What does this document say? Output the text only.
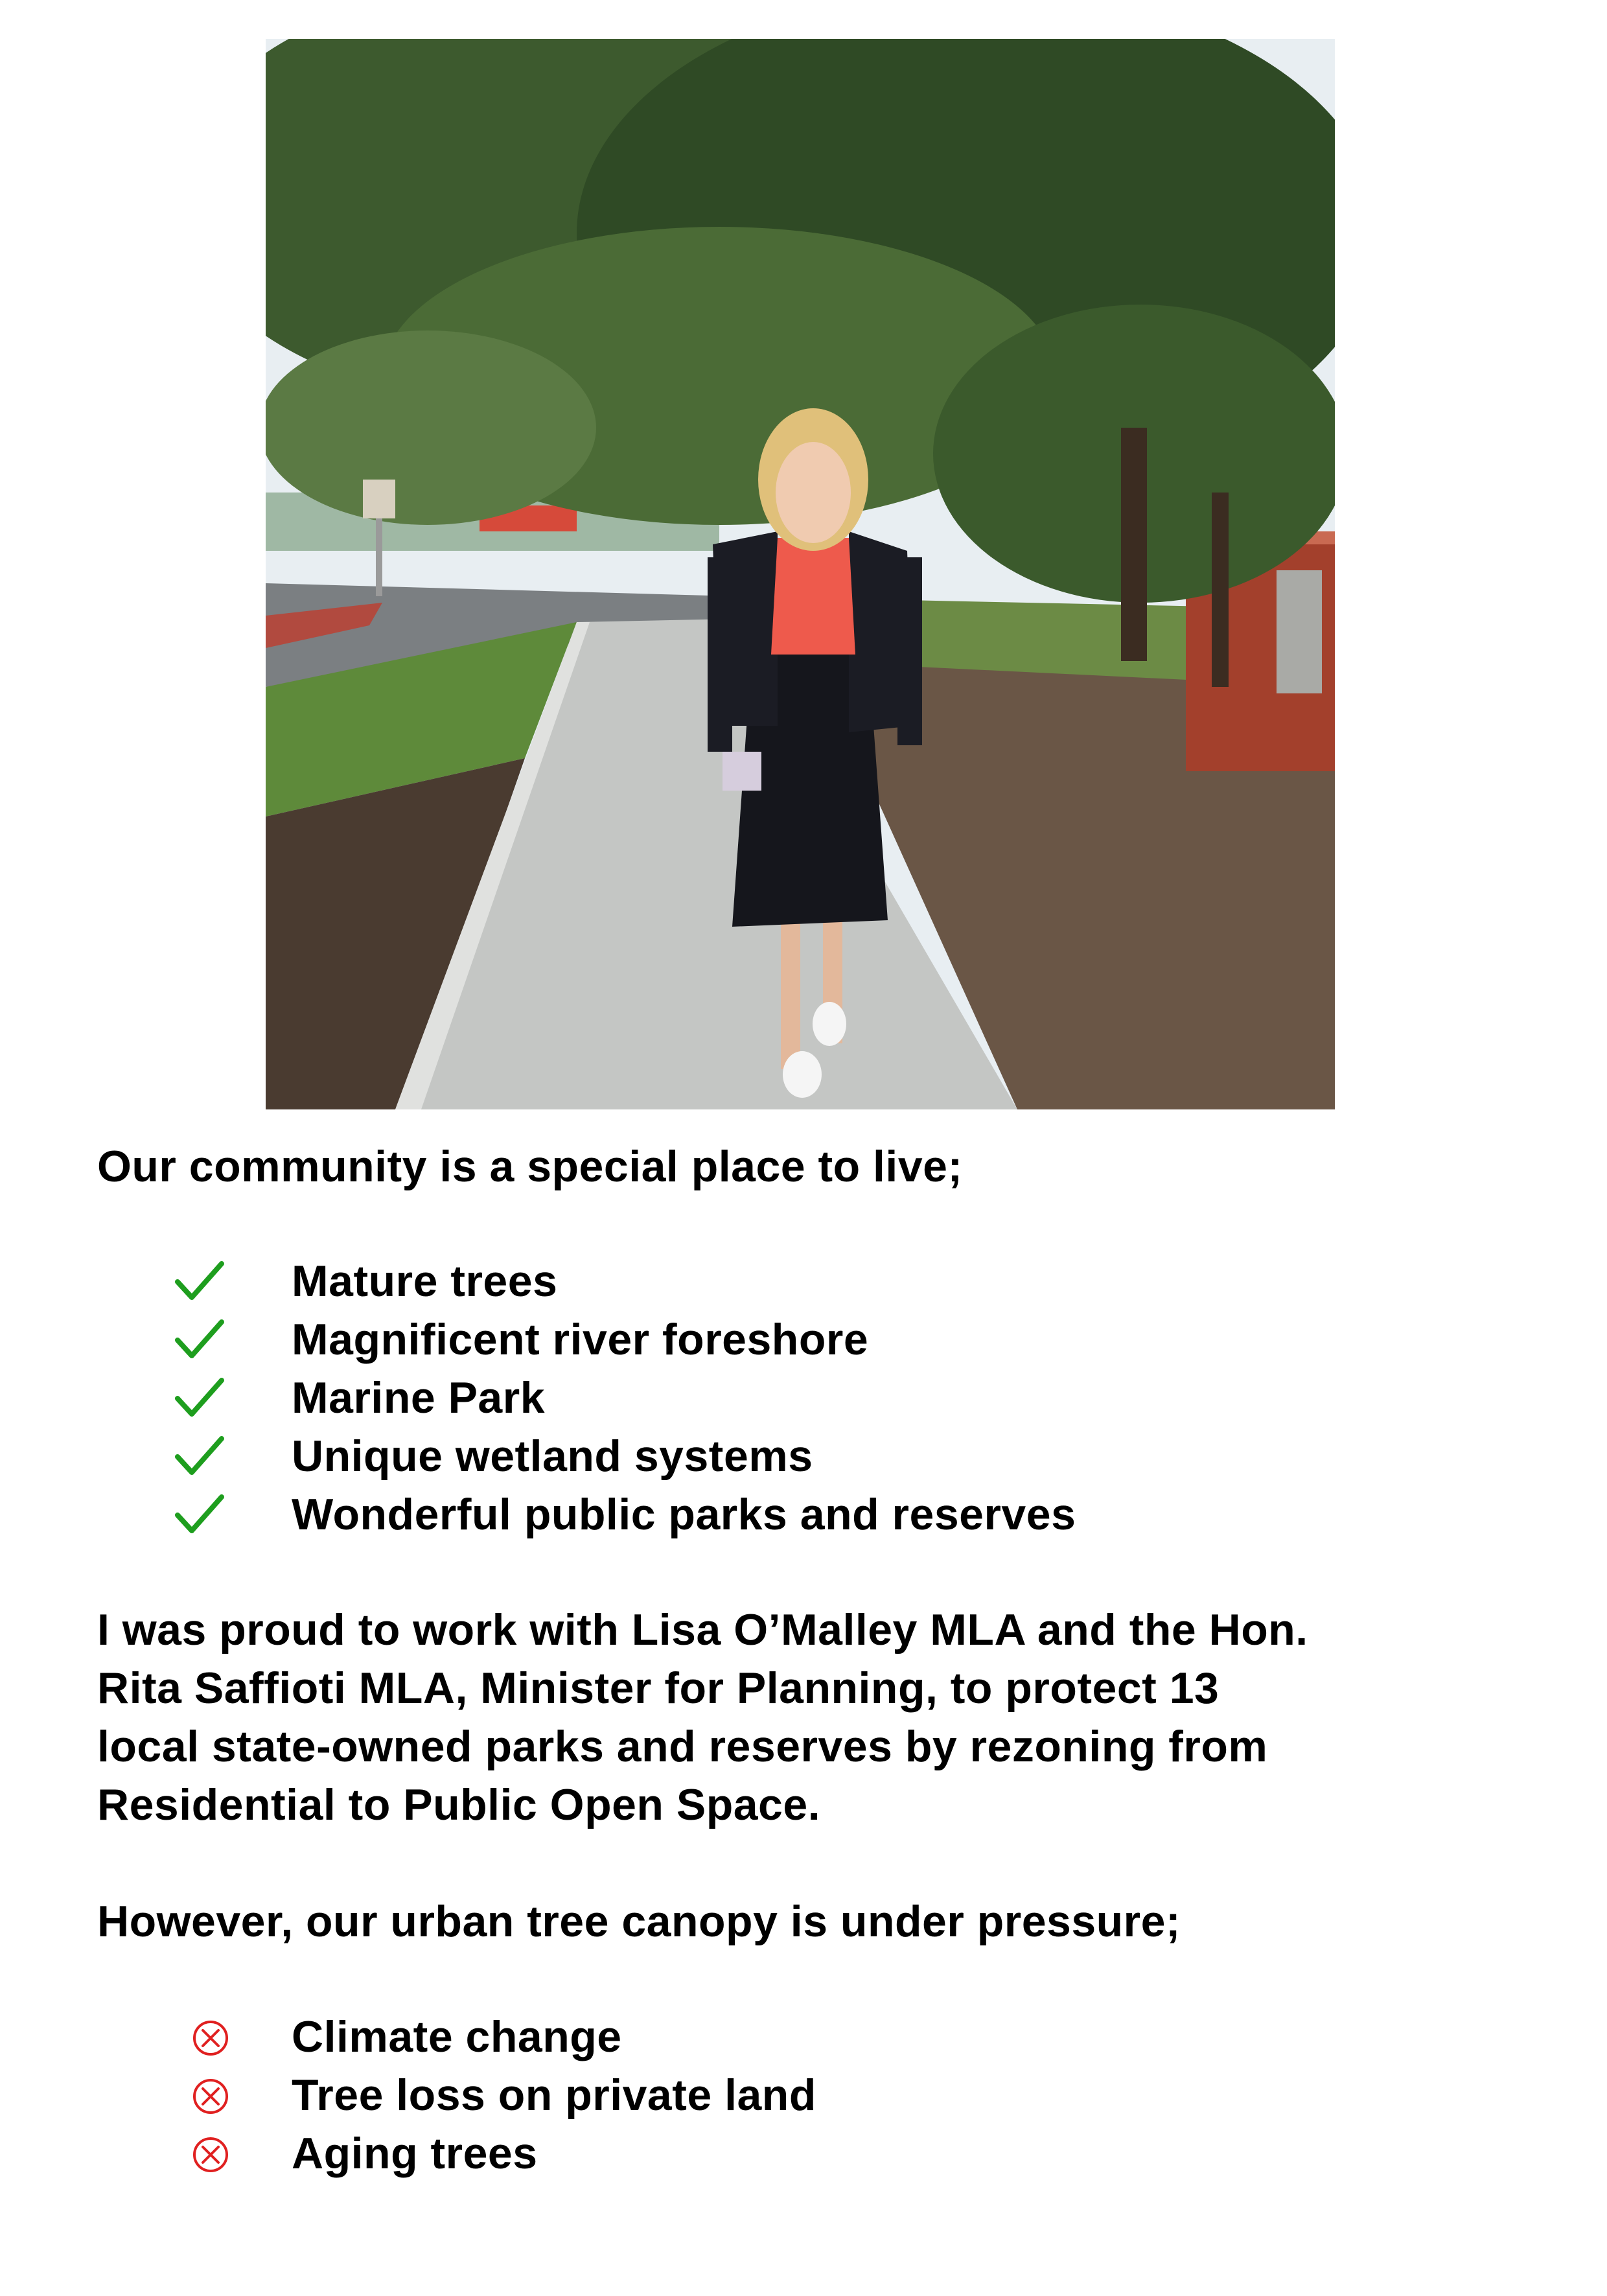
Our community is a special place to live;
Mature trees
Magnificent river foreshore
Marine Park
Unique wetland systems
Wonderful public parks and reserves

I was proud to work with Lisa O’Malley MLA and the Hon.
Rita Saffioti MLA, Minister for Planning, to protect 13
local state-owned parks and reserves by rezoning from
Residential to Public Open Space.

However, our urban tree canopy is under pressure;
Climate change
Tree loss on private land
Aging trees
